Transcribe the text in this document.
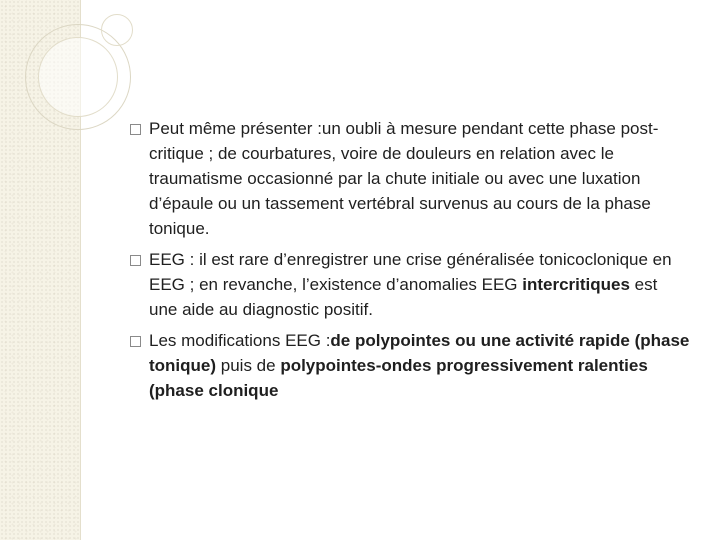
Peut même présenter :un oubli à mesure pendant cette phase post-critique ; de courbatures, voire de douleurs en relation avec le traumatisme occasionné par la chute initiale ou avec une luxation d’épaule ou un tassement vertébral survenus au cours de la phase tonique.
EEG : il est rare d’enregistrer une crise généralisée tonicoclonique en EEG ; en revanche, l’existence d’anomalies EEG intercritiques est une aide au diagnostic positif.
Les modifications EEG :de polypointes ou une activité rapide (phase tonique) puis de polypointes-ondes progressivement ralenties (phase clonique
